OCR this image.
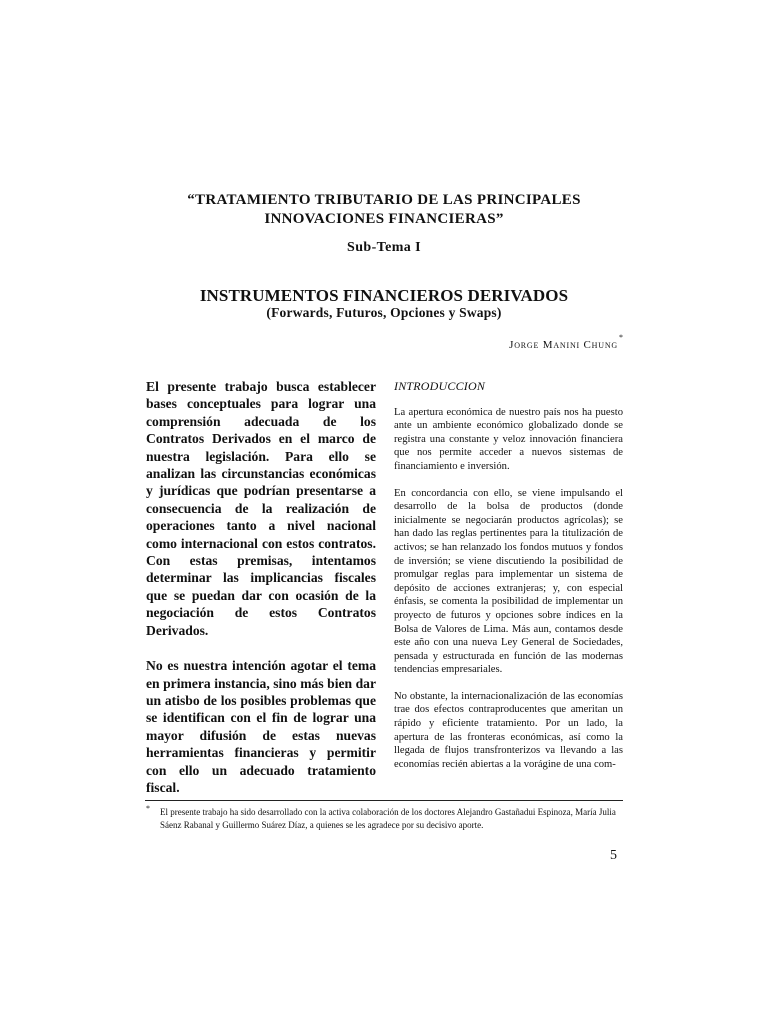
“TRATAMIENTO TRIBUTARIO DE LAS PRINCIPALES
INNOVACIONES FINANCIERAS”
Sub-Tema I
INSTRUMENTOS FINANCIEROS DERIVADOS
(Forwards, Futuros, Opciones y Swaps)
Jorge Manini Chung
*

El presente trabajo busca establecer bases conceptuales para lograr una comprensión adecuada de los Contratos Derivados en el marco de nuestra legislación. Para ello se analizan las circunstancias económicas y jurídicas que podrían presentarse a consecuencia de la realización de operaciones tanto a nivel nacional como internacional con estos contratos. Con estas premisas, intentamos determinar las implicancias fiscales que se puedan dar con ocasión de la negociación de estos Contratos Derivados.

No es nuestra intención agotar el tema en primera instancia, sino más bien dar un atisbo de los posibles problemas que se identifican con el fin de lograr una mayor difusión de estas nuevas herramientas financieras y permitir con ello un adecuado tratamiento fiscal.

INTRODUCCION

La apertura económica de nuestro país nos ha puesto ante un ambiente económico globalizado donde se registra una constante y veloz innovación financiera que nos permite acceder a nuevos sistemas de financiamiento e inversión.

En concordancia con ello, se viene impulsando el desarrollo de la bolsa de productos (donde inicialmente se negociarán productos agrícolas); se han dado las reglas pertinentes para la titulización de activos; se han relanzado los fondos mutuos y fondos de inversión; se viene discutiendo la posibilidad de promulgar reglas para implementar un sistema de depósito de acciones extranjeras; y, con especial énfasis, se comenta la posibilidad de implementar un proyecto de futuros y opciones sobre índices en la Bolsa de Valores de Lima. Más aun, contamos desde este año con una nueva Ley General de Sociedades, pensada y estructurada en función de las modernas tendencias empresariales.

No obstante, la internacionalización de las economías trae dos efectos contraproducentes que ameritan un rápido y eficiente tratamiento. Por un lado, la apertura de las fronteras económicas, así como la llegada de flujos transfronterizos va llevando a las economías recién abiertas a la vorágine de una com-

* El presente trabajo ha sido desarrollado con la activa colaboración de los doctores Alejandro Gastañadui Espinoza, María Julia Sáenz Rabanal y Guillermo Suárez Díaz, a quienes se les agradece por su decisivo aporte.
5
